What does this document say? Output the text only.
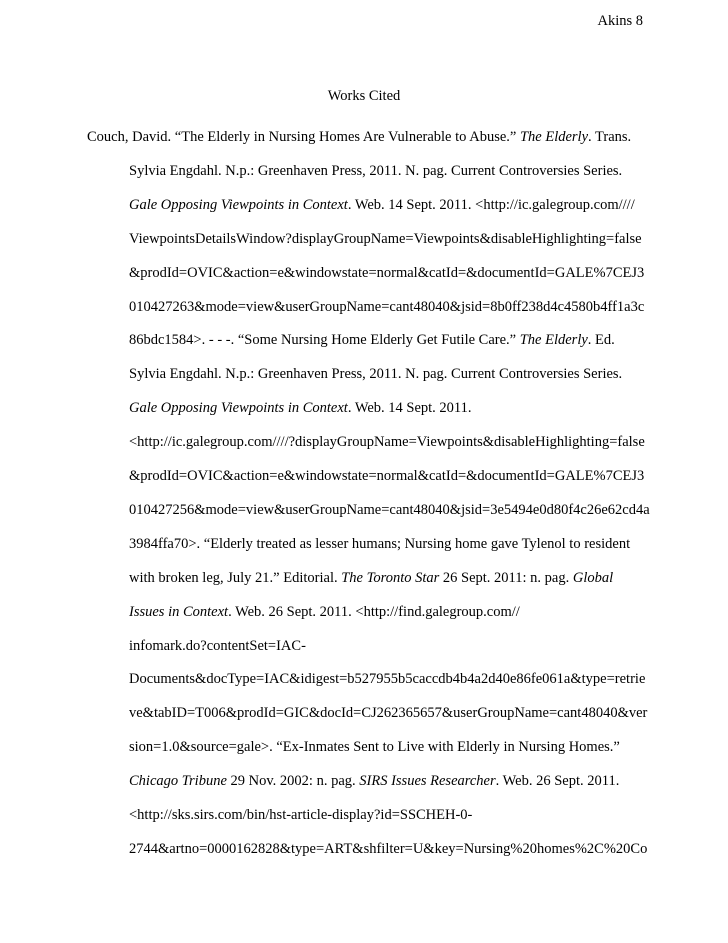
Akins 8
Works Cited
Couch, David. “The Elderly in Nursing Homes Are Vulnerable to Abuse.” The Elderly. Trans.
Sylvia Engdahl. N.p.: Greenhaven Press, 2011. N. pag. Current Controversies Series.
Gale Opposing Viewpoints in Context. Web. 14 Sept. 2011. <http://ic.galegroup.com////
ViewpointsDetailsWindow?displayGroupName=Viewpoints&disableHighlighting=false
&prodId=OVIC&action=e&windowstate=normal&catId=&documentId=GALE%7CEJ3
010427263&mode=view&userGroupName=cant48040&jsid=8b0ff238d4c4580b4ff1a3c
86bdc1584>. - - -. “Some Nursing Home Elderly Get Futile Care.” The Elderly. Ed.
Sylvia Engdahl. N.p.: Greenhaven Press, 2011. N. pag. Current Controversies Series.
Gale Opposing Viewpoints in Context. Web. 14 Sept. 2011.
<http://ic.galegroup.com////?displayGroupName=Viewpoints&disableHighlighting=false
&prodId=OVIC&action=e&windowstate=normal&catId=&documentId=GALE%7CEJ3
010427256&mode=view&userGroupName=cant48040&jsid=3e5494e0d80f4c26e62cd4a
3984ffa70>. “Elderly treated as lesser humans; Nursing home gave Tylenol to resident
with broken leg, July 21.” Editorial. The Toronto Star 26 Sept. 2011: n. pag. Global
Issues in Context. Web. 26 Sept. 2011. <http://find.galegroup.com//
infomark.do?contentSet=IAC-
Documents&docType=IAC&idigest=b527955b5caccdb4b4a2d40e86fe061a&type=retrie
ve&tabID=T006&prodId=GIC&docId=CJ262365657&userGroupName=cant48040&ver
sion=1.0&source=gale>. “Ex-Inmates Sent to Live with Elderly in Nursing Homes.”
Chicago Tribune 29 Nov. 2002: n. pag. SIRS Issues Researcher. Web. 26 Sept. 2011.
<http://sks.sirs.com/bin/hst-article-display?id=SSCHEH-0-
2744&artno=0000162828&type=ART&shfilter=U&key=Nursing%20homes%2C%20Co
